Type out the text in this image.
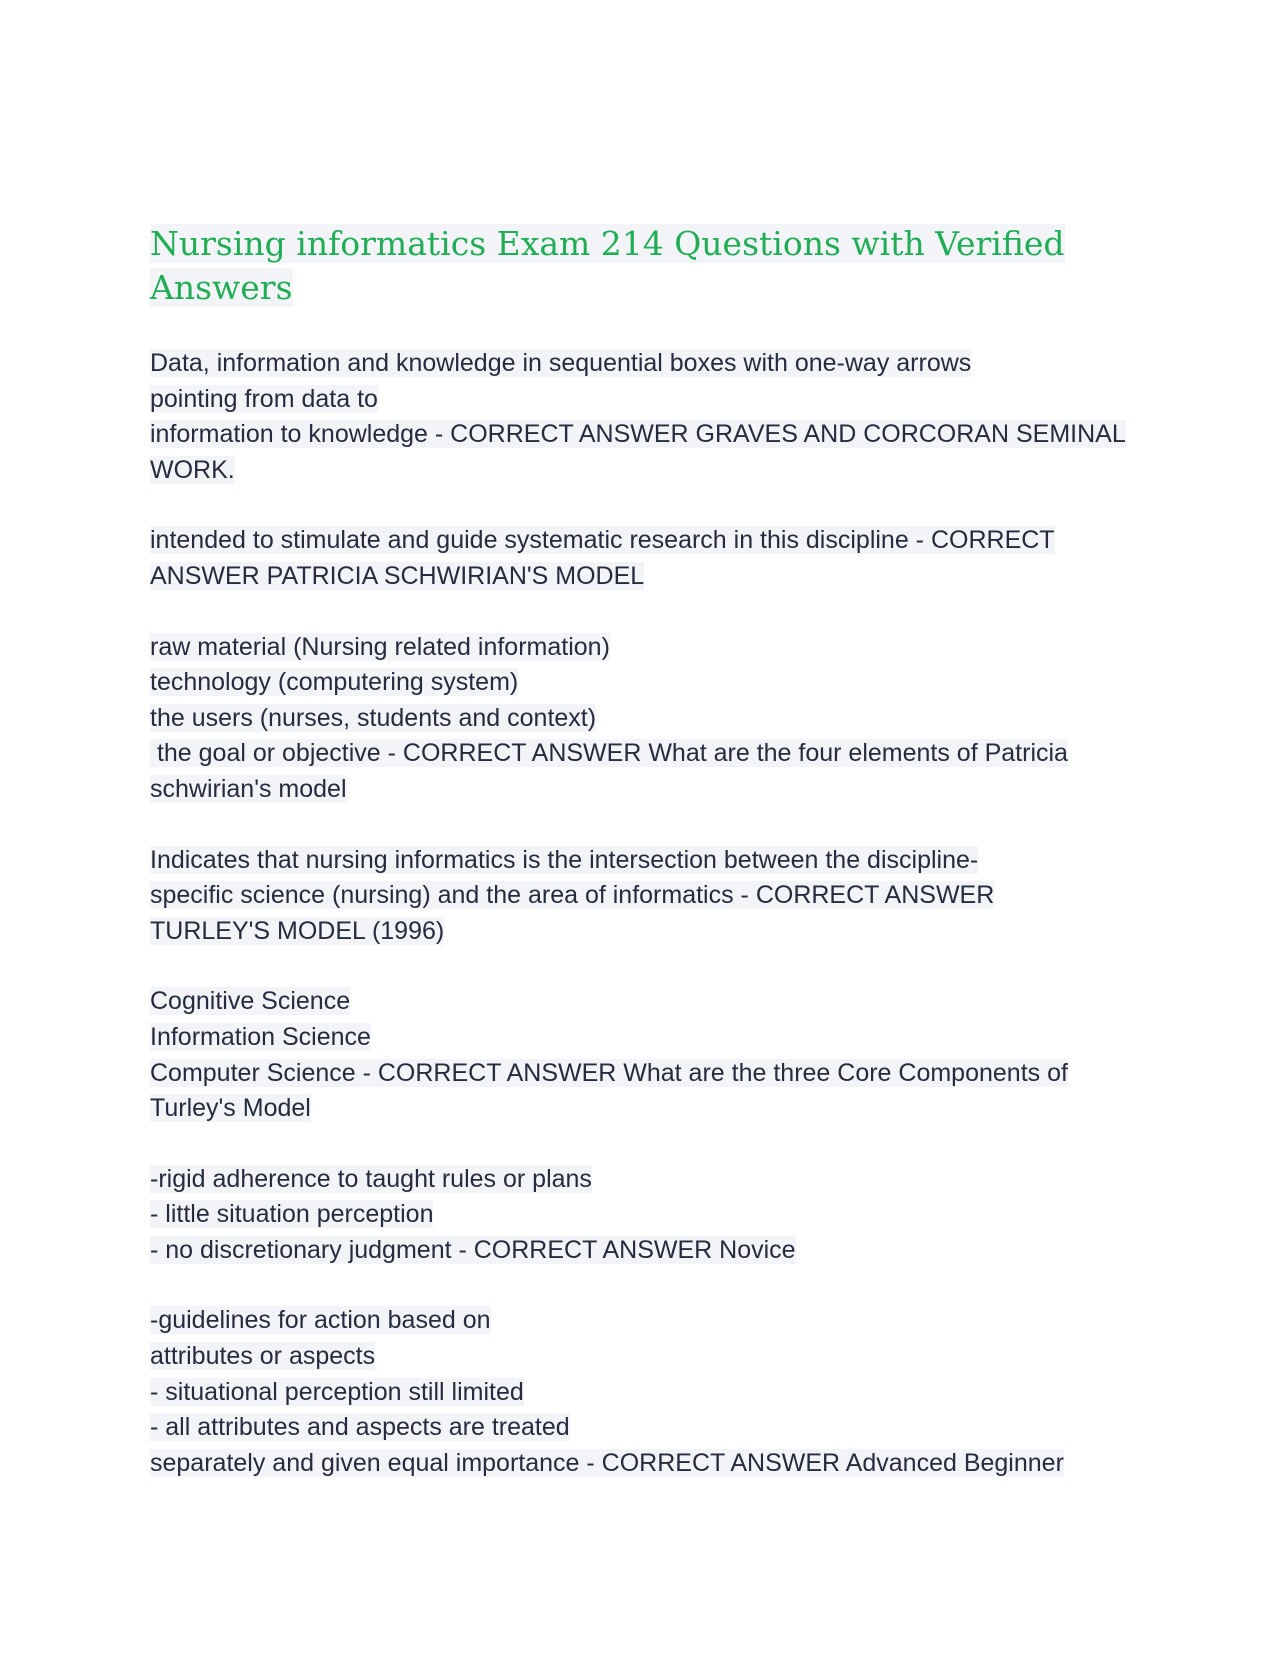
Nursing informatics Exam 214 Questions with Verified
Answers
Data, information and knowledge in sequential boxes with one-way arrows
pointing from data to
information to knowledge - CORRECT ANSWER GRAVES AND CORCORAN SEMINAL
WORK.
intended to stimulate and guide systematic research in this discipline - CORRECT
ANSWER PATRICIA SCHWIRIAN'S MODEL
raw material (Nursing related information)
technology (computering system)
the users (nurses, students and context)
the goal or objective - CORRECT ANSWER What are the four elements of Patricia
schwirian's model
Indicates that nursing informatics is the intersection between the discipline-
specific science (nursing) and the area of informatics - CORRECT ANSWER
TURLEY'S MODEL (1996)
Cognitive Science
Information Science
Computer Science - CORRECT ANSWER What are the three Core Components of
Turley's Model
-rigid adherence to taught rules or plans
- little situation perception
- no discretionary judgment - CORRECT ANSWER Novice
-guidelines for action based on
attributes or aspects
- situational perception still limited
- all attributes and aspects are treated
separately and given equal importance - CORRECT ANSWER Advanced Beginner
